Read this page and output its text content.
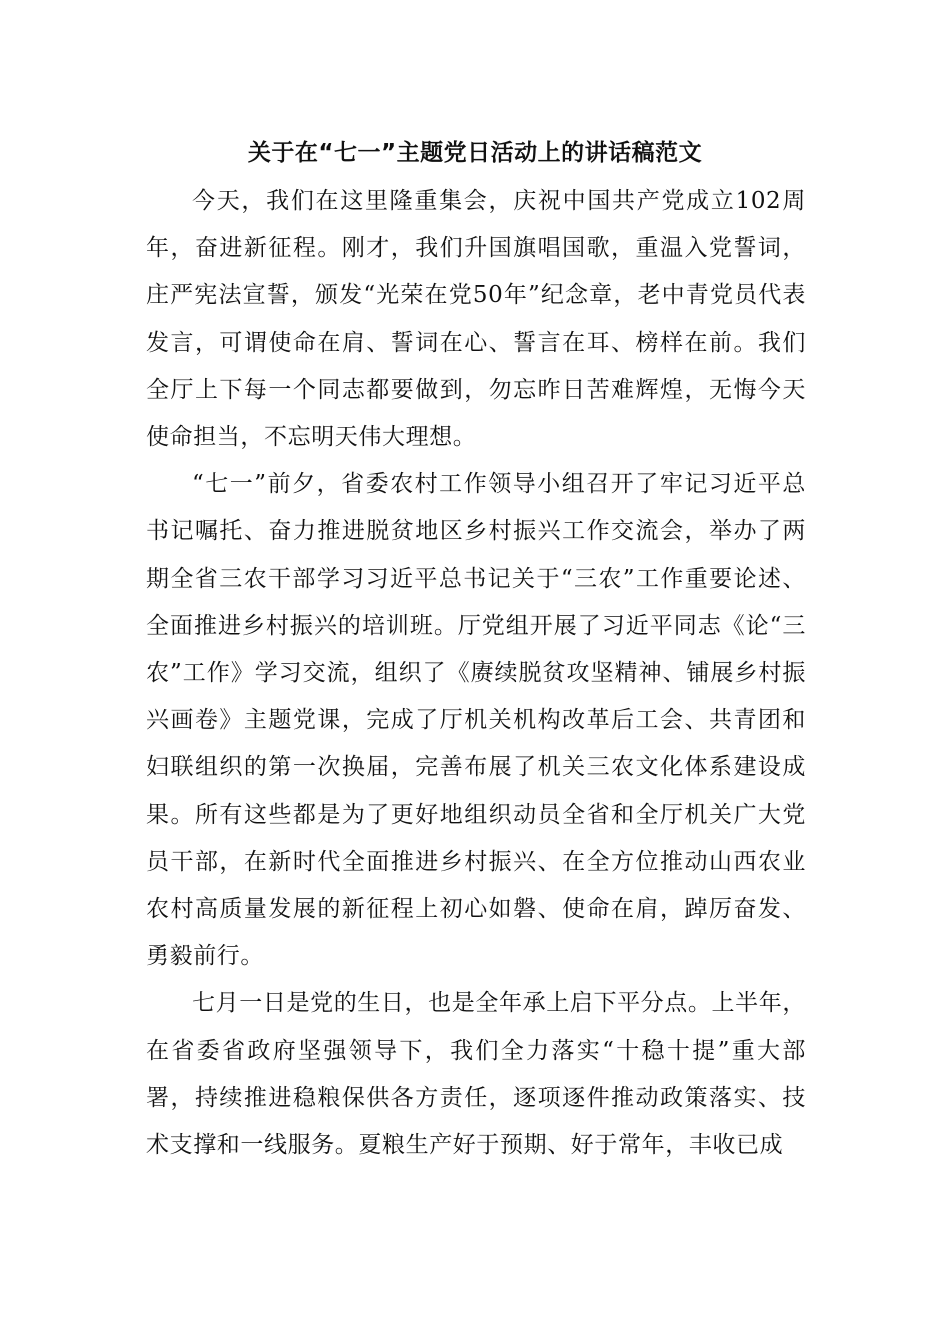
关于在“七一”主题党日活动上的讲话稿范文

今天，我们在这里隆重集会，庆祝中国共产党成立102周年，奋进新征程。刚才，我们升国旗唱国歌，重温入党誓词，庄严宪法宣誓，颁发“光荣在党50年”纪念章，老中青党员代表发言，可谓使命在肩、誓词在心、誓言在耳、榜样在前。我们全厅上下每一个同志都要做到，勿忘昨日苦难辉煌，无悔今天使命担当，不忘明天伟大理想。

“七一”前夕，省委农村工作领导小组召开了牢记习近平总书记嘱托、奋力推进脱贫地区乡村振兴工作交流会，举办了两期全省三农干部学习习近平总书记关于“三农”工作重要论述、全面推进乡村振兴的培训班。厅党组开展了习近平同志《论“三农”工作》学习交流，组织了《赓续脱贫攻坚精神、铺展乡村振兴画卷》主题党课，完成了厅机关机构改革后工会、共青团和妇联组织的第一次换届，完善布展了机关三农文化体系建设成果。所有这些都是为了更好地组织动员全省和全厅机关广大党员干部，在新时代全面推进乡村振兴、在全方位推动山西农业农村高质量发展的新征程上初心如磐、使命在肩，踔厉奋发、勇毅前行。

七月一日是党的生日，也是全年承上启下平分点。上半年，在省委省政府坚强领导下，我们全力落实“十稳十提”重大部署，持续推进稳粮保供各方责任，逐项逐件推动政策落实、技术支撑和一线服务。夏粮生产好于预期、好于常年，丰收已成
